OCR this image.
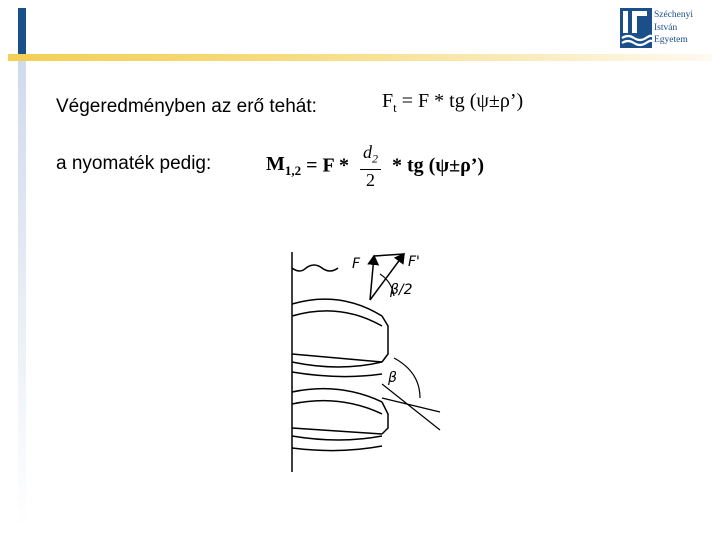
Széchenyi
István
Egyetem
Végeredményben az erő tehát:
a nyomaték pedig:
$F_t = F$ * tg (ψ±ρ’)
$M_{1,2} = F * \frac{d_2}{2}$ * tg (ψ±ρ’)
F	F'
β/2
β
